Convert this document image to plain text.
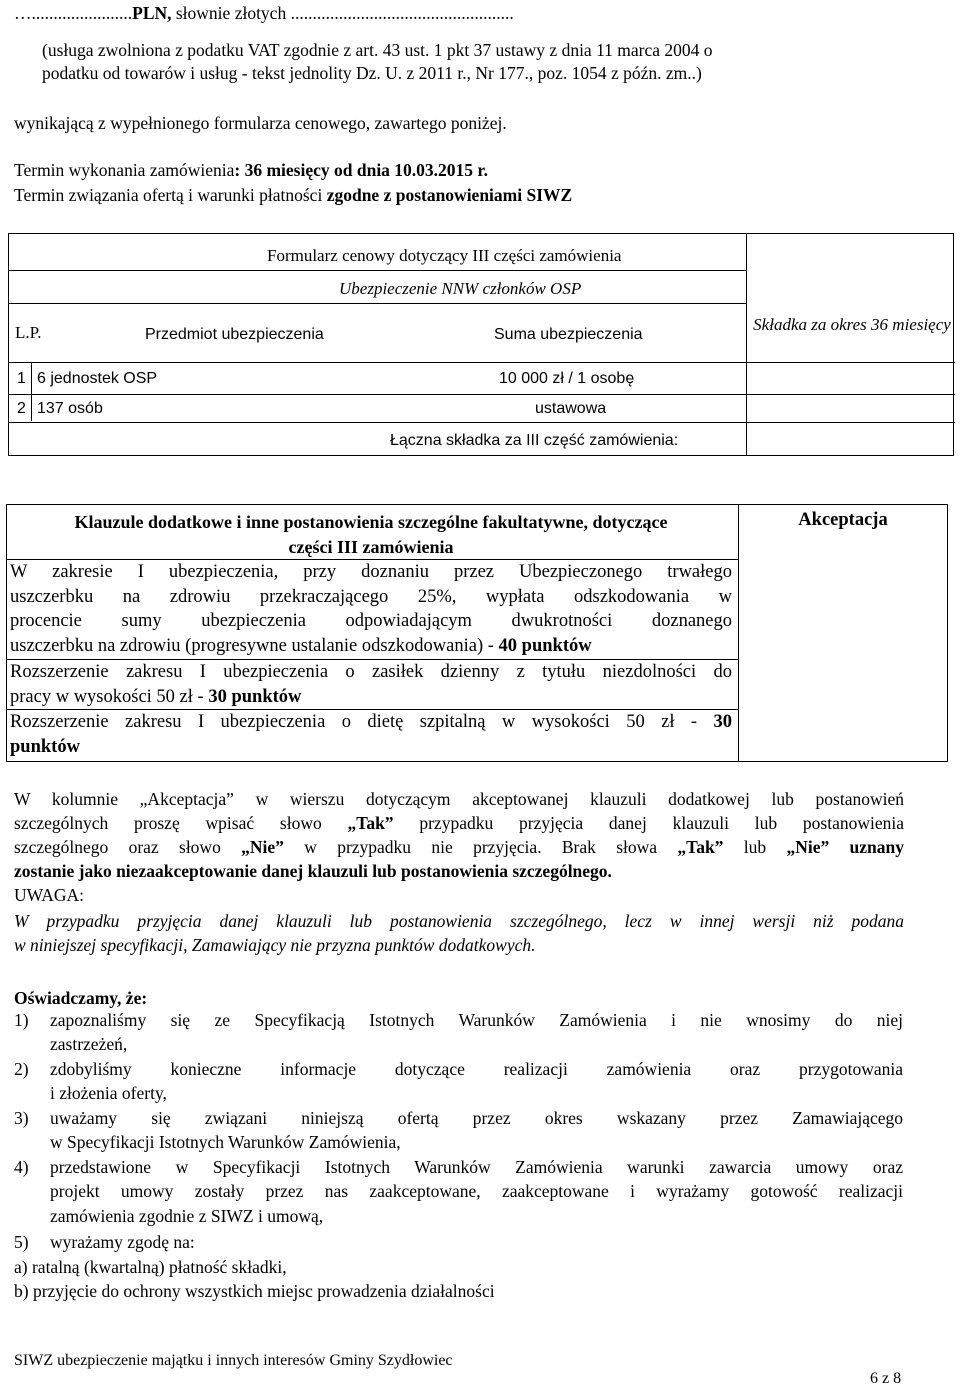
….......................PLN, słownie złotych ...................................................
(usługa zwolniona z podatku VAT zgodnie z art. 43 ust. 1 pkt 37 ustawy z dnia 11 marca 2004 o
podatku od towarów i usług - tekst jednolity Dz. U. z 2011 r., Nr 177., poz. 1054 z późn. zm..)
wynikającą z wypełnionego formularza cenowego, zawartego poniżej.
Termin wykonania zamówienia: 36 miesięcy od dnia 10.03.2015 r.
Termin związania ofertą i warunki płatności zgodne z postanowieniami SIWZ
Formularz cenowy dotyczący III części zamówienia
Ubezpieczenie NNW członków OSP
L.P.	Przedmiot ubezpieczenia	Suma ubezpieczenia
Składka za okres 36 miesięcy
1 6 jednostek OSP	10 000 zł / 1 osobę
2 137 osób	ustawowa
Łączna składka za III część zamówienia:
Klauzule dodatkowe i inne postanowienia szczególne fakultatywne, dotyczące
części III zamówienia
Akceptacja
W zakresie I ubezpieczenia, przy doznaniu przez Ubezpieczonego trwałego
uszczerbku na zdrowiu przekraczającego 25%, wypłata odszkodowania w
procencie sumy ubezpieczenia odpowiadającym dwukrotności doznanego
uszczerbku na zdrowiu (progresywne ustalanie odszkodowania) - 40 punktów
Rozszerzenie zakresu I ubezpieczenia o zasiłek dzienny z tytułu niezdolności do
pracy w wysokości 50 zł - 30 punktów
Rozszerzenie zakresu I ubezpieczenia o dietę szpitalną w wysokości 50 zł - 30
punktów
W kolumnie „Akceptacja” w wierszu dotyczącym akceptowanej klauzuli dodatkowej lub postanowień
szczególnych proszę wpisać słowo „Tak” przypadku przyjęcia danej klauzuli lub postanowienia
szczególnego oraz słowo „Nie” w przypadku nie przyjęcia. Brak słowa „Tak” lub „Nie” uznany
zostanie jako niezaakceptowanie danej klauzuli lub postanowienia szczególnego.
UWAGA:
W przypadku przyjęcia danej klauzuli lub postanowienia szczególnego, lecz w innej wersji niż podana
w niniejszej specyfikacji, Zamawiający nie przyzna punktów dodatkowych.
Oświadczamy, że:
1) zapoznaliśmy się ze Specyfikacją Istotnych Warunków Zamówienia i nie wnosimy do niej
zastrzeżeń,
2) zdobyliśmy konieczne informacje dotyczące realizacji zamówienia oraz przygotowania
i złożenia oferty,
3) uważamy się związani niniejszą ofertą przez okres wskazany przez Zamawiającego
w Specyfikacji Istotnych Warunków Zamówienia,
4) przedstawione w Specyfikacji Istotnych Warunków Zamówienia warunki zawarcia umowy oraz
projekt umowy zostały przez nas zaakceptowane, zaakceptowane i wyrażamy gotowość realizacji
zamówienia zgodnie z SIWZ i umową,
5) wyrażamy zgodę na:
a) ratalną (kwartalną) płatność składki,
b) przyjęcie do ochrony wszystkich miejsc prowadzenia działalności
SIWZ ubezpieczenie majątku i innych interesów Gminy Szydłowiec
6 z 8
